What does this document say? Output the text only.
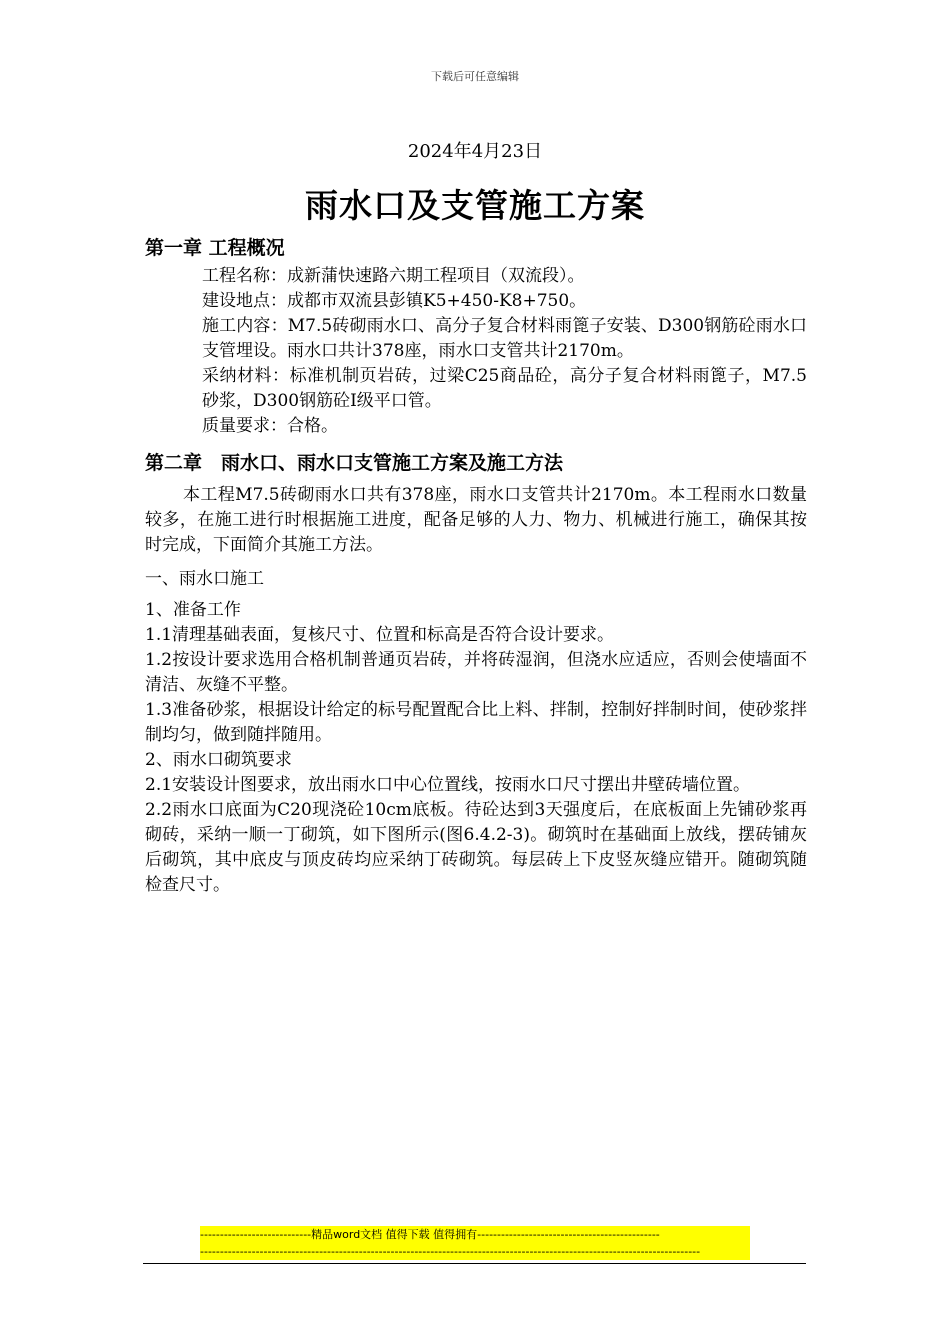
下载后可任意编辑
2024年4月23日
雨水口及支管施工方案
第一章 工程概况
工程名称：成新蒲快速路六期工程项目（双流段）。
建设地点：成都市双流县彭镇K5+450-K8+750。
施工内容：M7.5砖砌雨水口、高分子复合材料雨篦子安装、D300钢筋砼雨水口支管埋设。雨水口共计378座，雨水口支管共计2170m。
采纳材料：标准机制页岩砖，过梁C25商品砼，高分子复合材料雨篦子，M7.5砂浆，D300钢筋砼Ⅰ级平口管。
质量要求：合格。
第二章　雨水口、雨水口支管施工方案及施工方法
本工程M7.5砖砌雨水口共有378座，雨水口支管共计2170m。本工程雨水口数量较多，在施工进行时根据施工进度，配备足够的人力、物力、机械进行施工，确保其按时完成，下面简介其施工方法。
一、雨水口施工
1、准备工作
1.1清理基础表面，复核尺寸、位置和标高是否符合设计要求。
1.2按设计要求选用合格机制普通页岩砖，并将砖湿润，但浇水应适应，否则会使墙面不清洁、灰缝不平整。
1.3准备砂浆，根据设计给定的标号配置配合比上料、拌制，控制好拌制时间，使砂浆拌制均匀，做到随拌随用。
2、雨水口砌筑要求
2.1安装设计图要求，放出雨水口中心位置线，按雨水口尺寸摆出井壁砖墙位置。
2.2雨水口底面为C20现浇砼10cm底板。待砼达到3天强度后，在底板面上先铺砂浆再砌砖，采纳一顺一丁砌筑，如下图所示(图6.4.2-3)。砌筑时在基础面上放线，摆砖铺灰后砌筑，其中底皮与顶皮砖均应采纳丁砖砌筑。每层砖上下皮竖灰缝应错开。随砌筑随检查尺寸。
----------------------------精品word文档 值得下载 值得拥有----------------------------------------------
------------------------------------------------------------------------------------------------------------------------------
